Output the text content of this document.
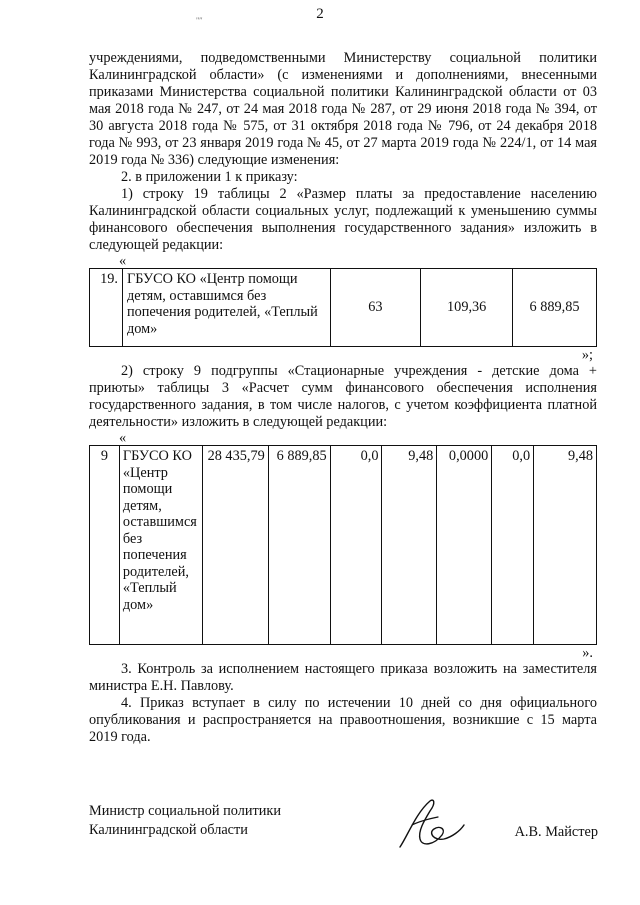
2
"″

учреждениями, подведомственными Министерству социальной политики Калининградской области» (с изменениями и дополнениями, внесенными приказами Министерства социальной политики Калининградской области от 03 мая 2018 года № 247, от 24 мая 2018 года № 287, от 29 июня 2018 года № 394, от 30 августа 2018 года № 575, от 31 октября 2018 года № 796, от 24 декабря 2018 года № 993, от 23 января 2019 года № 45, от 27 марта 2019 года № 224/1, от 14 мая 2019 года № 336) следующие изменения:

2. в приложении 1 к приказу:

1) строку 19 таблицы 2 «Размер платы за предоставление населению Калининградской области социальных услуг, подлежащий к уменьшению суммы финансового обеспечения выполнения государственного задания» изложить в следующей редакции:

«

19.	ГБУСО КО «Центр помощи детям, оставшимся без попечения родителей, «Теплый дом»	63	109,36	6 889,85

»;

2) строку 9 подгруппы «Стационарные учреждения - детские дома + приюты» таблицы 3 «Расчет сумм финансового обеспечения исполнения государственного задания, в том числе налогов, с учетом коэффициента платной деятельности» изложить в следующей редакции:

«

9	ГБУСО КО «Центр помощи детям, оставшимся без попечения родителей, «Теплый дом»	28 435,79	6 889,85	0,0	9,48	0,0000	0,0	9,48

».

3. Контроль за исполнением настоящего приказа возложить на заместителя министра Е.Н. Павлову.

4. Приказ вступает в силу по истечении 10 дней со дня официального опубликования и распространяется на правоотношения, возникшие с 15 марта 2019 года.

Министр социальной политики
Калининградской области	А.В. Майстер
